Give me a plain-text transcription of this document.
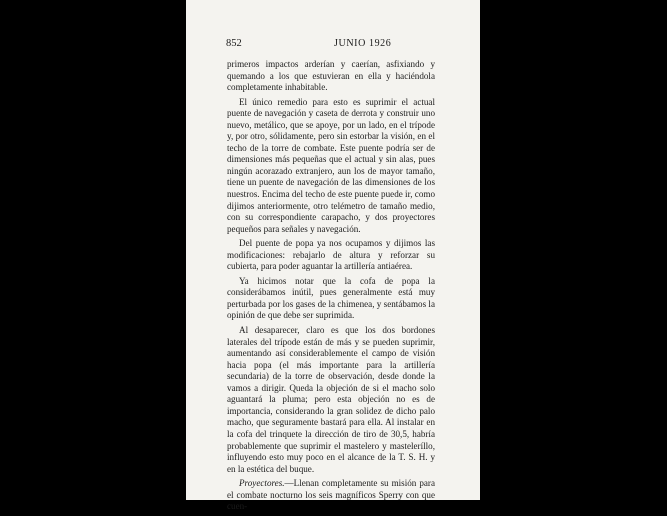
852	JUNIO 1926

primeros impactos arderían y caerían, asfixiando y quemando a los que estuvieran en ella y haciéndola completamente inhabitable.

El único remedio para esto es suprimir el actual puente de navegación y caseta de derrota y construir uno nuevo, metálico, que se apoye, por un lado, en el trípode y, por otro, sólidamente, pero sin estorbar la visión, en el techo de la torre de combate. Este puente podría ser de dimensiones más pequeñas que el actual y sin alas, pues ningún acorazado extranjero, aun los de mayor tamaño, tiene un puente de navegación de las dimensiones de los nuestros. Encima del techo de este puente puede ir, como dijimos anteriormente, otro telémetro de tamaño medio, con su correspondiente carapacho, y dos proyectores pequeños para señales y navegación.

Del puente de popa ya nos ocupamos y dijimos las modificaciones: rebajarlo de altura y reforzar su cubierta, para poder aguantar la artillería antiaérea.

Ya hicimos notar que la cofa de popa la considerábamos inútil, pues generalmente está muy perturbada por los gases de la chimenea, y sentábamos la opinión de que debe ser suprimida.

Al desaparecer, claro es que los dos bordones laterales del trípode están de más y se pueden suprimir, aumentando así considerablemente el campo de visión hacia popa (el más importante para la artillería secundaria) de la torre de observación, desde donde la vamos a dirigir. Queda la objeción de si el macho solo aguantará la pluma; pero esta objeción no es de importancia, considerando la gran solidez de dicho palo macho, que seguramente bastará para ella. Al instalar en la cofa del trinquete la dirección de tiro de 30,5, habría probablemente que suprimir el mastelero y masteleríllo, influyendo esto muy poco en el alcance de la T. S. H. y en la estética del buque.

Proyectores.—Llenan completamente su misión para el combate nocturno los seis magníficos Sperry con que cuen-
